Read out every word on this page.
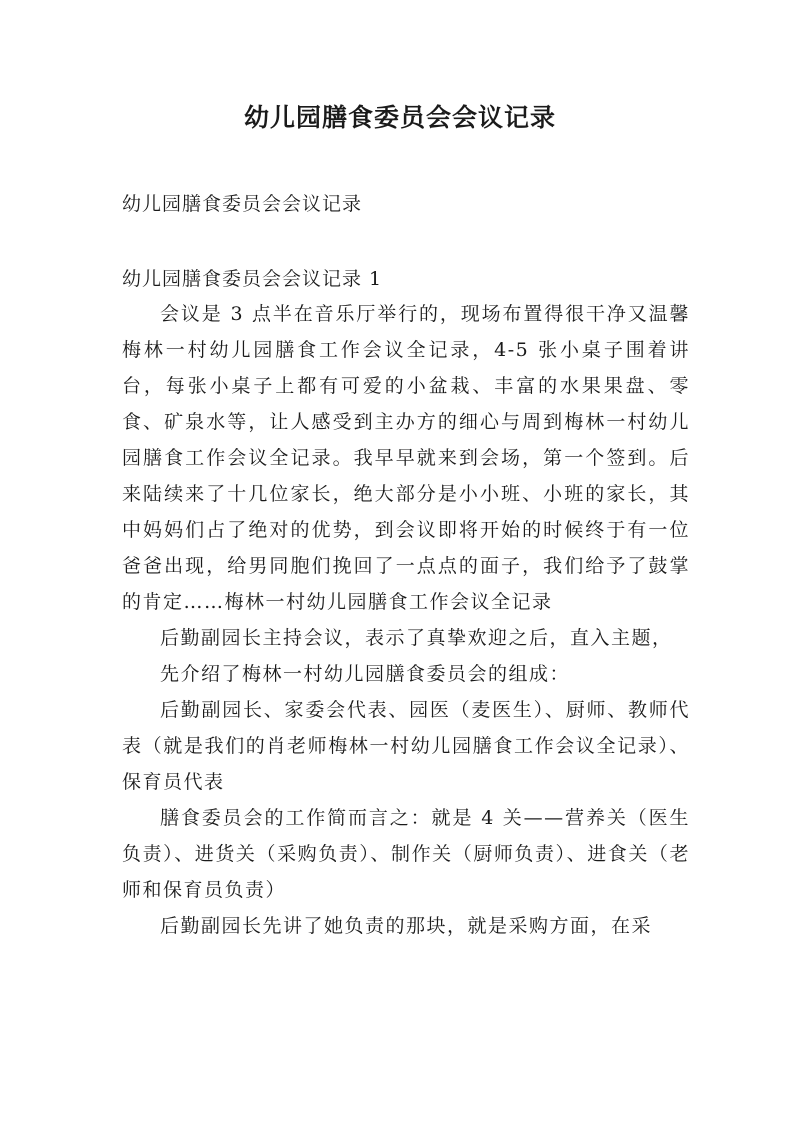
幼儿园膳食委员会会议记录
幼儿园膳食委员会会议记录
幼儿园膳食委员会会议记录 1

会议是 3 点半在音乐厅举行的，现场布置得很干净又温馨梅林一村幼儿园膳食工作会议全记录，4-5 张小桌子围着讲台，每张小桌子上都有可爱的小盆栽、丰富的水果果盘、零食、矿泉水等，让人感受到主办方的细心与周到梅林一村幼儿园膳食工作会议全记录。我早早就来到会场，第一个签到。后来陆续来了十几位家长，绝大部分是小小班、小班的家长，其中妈妈们占了绝对的优势，到会议即将开始的时候终于有一位爸爸出现，给男同胞们挽回了一点点的面子，我们给予了鼓掌的肯定……梅林一村幼儿园膳食工作会议全记录

后勤副园长主持会议，表示了真挚欢迎之后，直入主题，

先介绍了梅林一村幼儿园膳食委员会的组成：

后勤副园长、家委会代表、园医（麦医生）、厨师、教师代表（就是我们的肖老师梅林一村幼儿园膳食工作会议全记录）、保育员代表

膳食委员会的工作简而言之：就是 4 关——营养关（医生负责）、进货关（采购负责）、制作关（厨师负责）、进食关（老师和保育员负责）

后勤副园长先讲了她负责的那块，就是采购方面，在采
